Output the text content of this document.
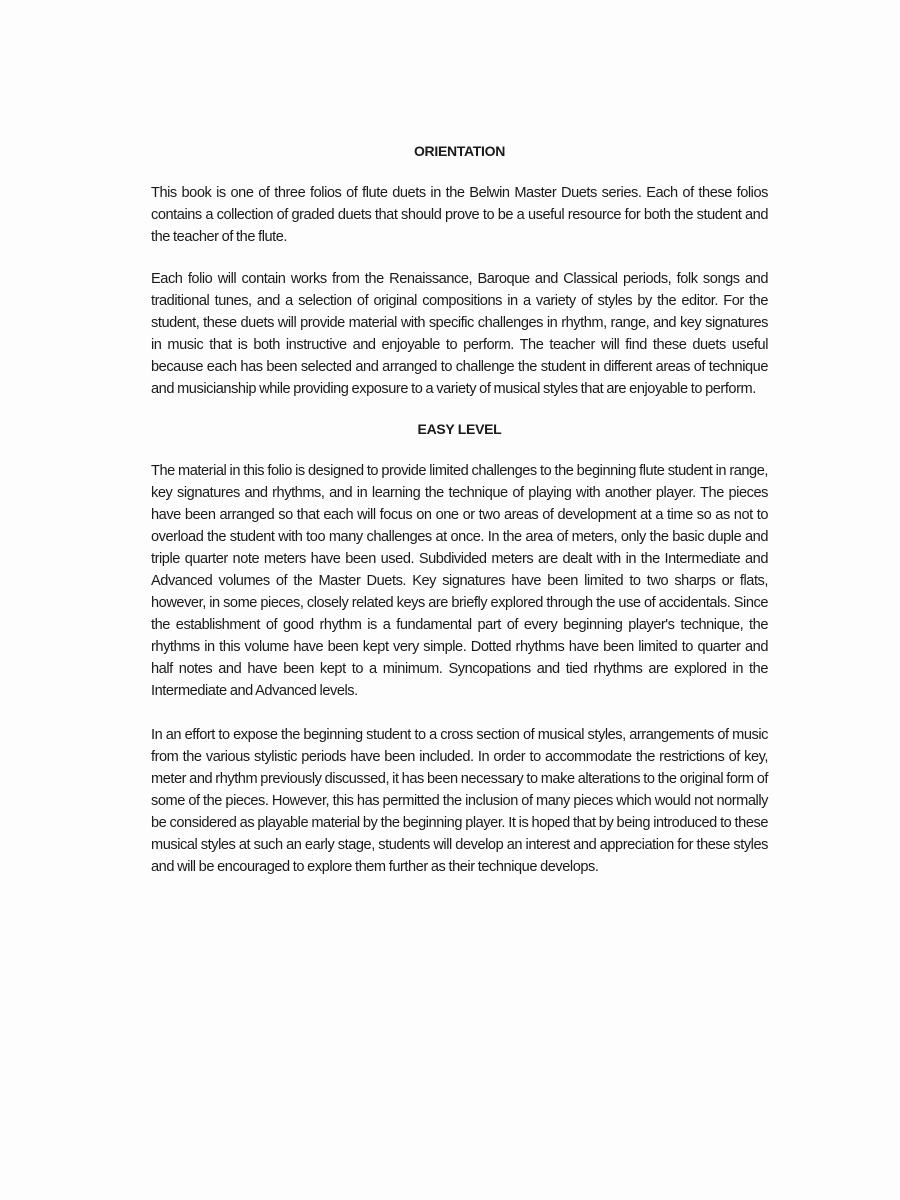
ORIENTATION

This book is one of three folios of flute duets in the Belwin Master Duets series. Each of these folios contains a collection of graded duets that should prove to be a useful resource for both the student and the teacher of the flute.

Each folio will contain works from the Renaissance, Baroque and Classical periods, folk songs and traditional tunes, and a selection of original compositions in a variety of styles by the editor. For the student, these duets will provide material with specific challenges in rhythm, range, and key signatures in music that is both instructive and enjoyable to perform. The teacher will find these duets useful because each has been selected and arranged to challenge the student in different areas of technique and musicianship while providing exposure to a variety of musical styles that are enjoyable to perform.

EASY LEVEL

The material in this folio is designed to provide limited challenges to the beginning flute student in range, key signatures and rhythms, and in learning the technique of playing with another player. The pieces have been arranged so that each will focus on one or two areas of development at a time so as not to overload the student with too many challenges at once. In the area of meters, only the basic duple and triple quarter note meters have been used. Subdivided meters are dealt with in the Intermediate and Advanced volumes of the Master Duets. Key signatures have been limited to two sharps or flats, however, in some pieces, closely related keys are briefly explored through the use of accidentals. Since the establishment of good rhythm is a fundamental part of every beginning player's technique, the rhythms in this volume have been kept very simple. Dotted rhythms have been limited to quarter and half notes and have been kept to a minimum. Syncopations and tied rhythms are explored in the Intermediate and Advanced levels.

In an effort to expose the beginning student to a cross section of musical styles, arrangements of music from the various stylistic periods have been included. In order to accommodate the restrictions of key, meter and rhythm previously discussed, it has been necessary to make alterations to the original form of some of the pieces. However, this has permitted the inclusion of many pieces which would not normally be considered as playable material by the beginning player. It is hoped that by being introduced to these musical styles at such an early stage, students will develop an interest and appreciation for these styles and will be encouraged to explore them further as their technique develops.
